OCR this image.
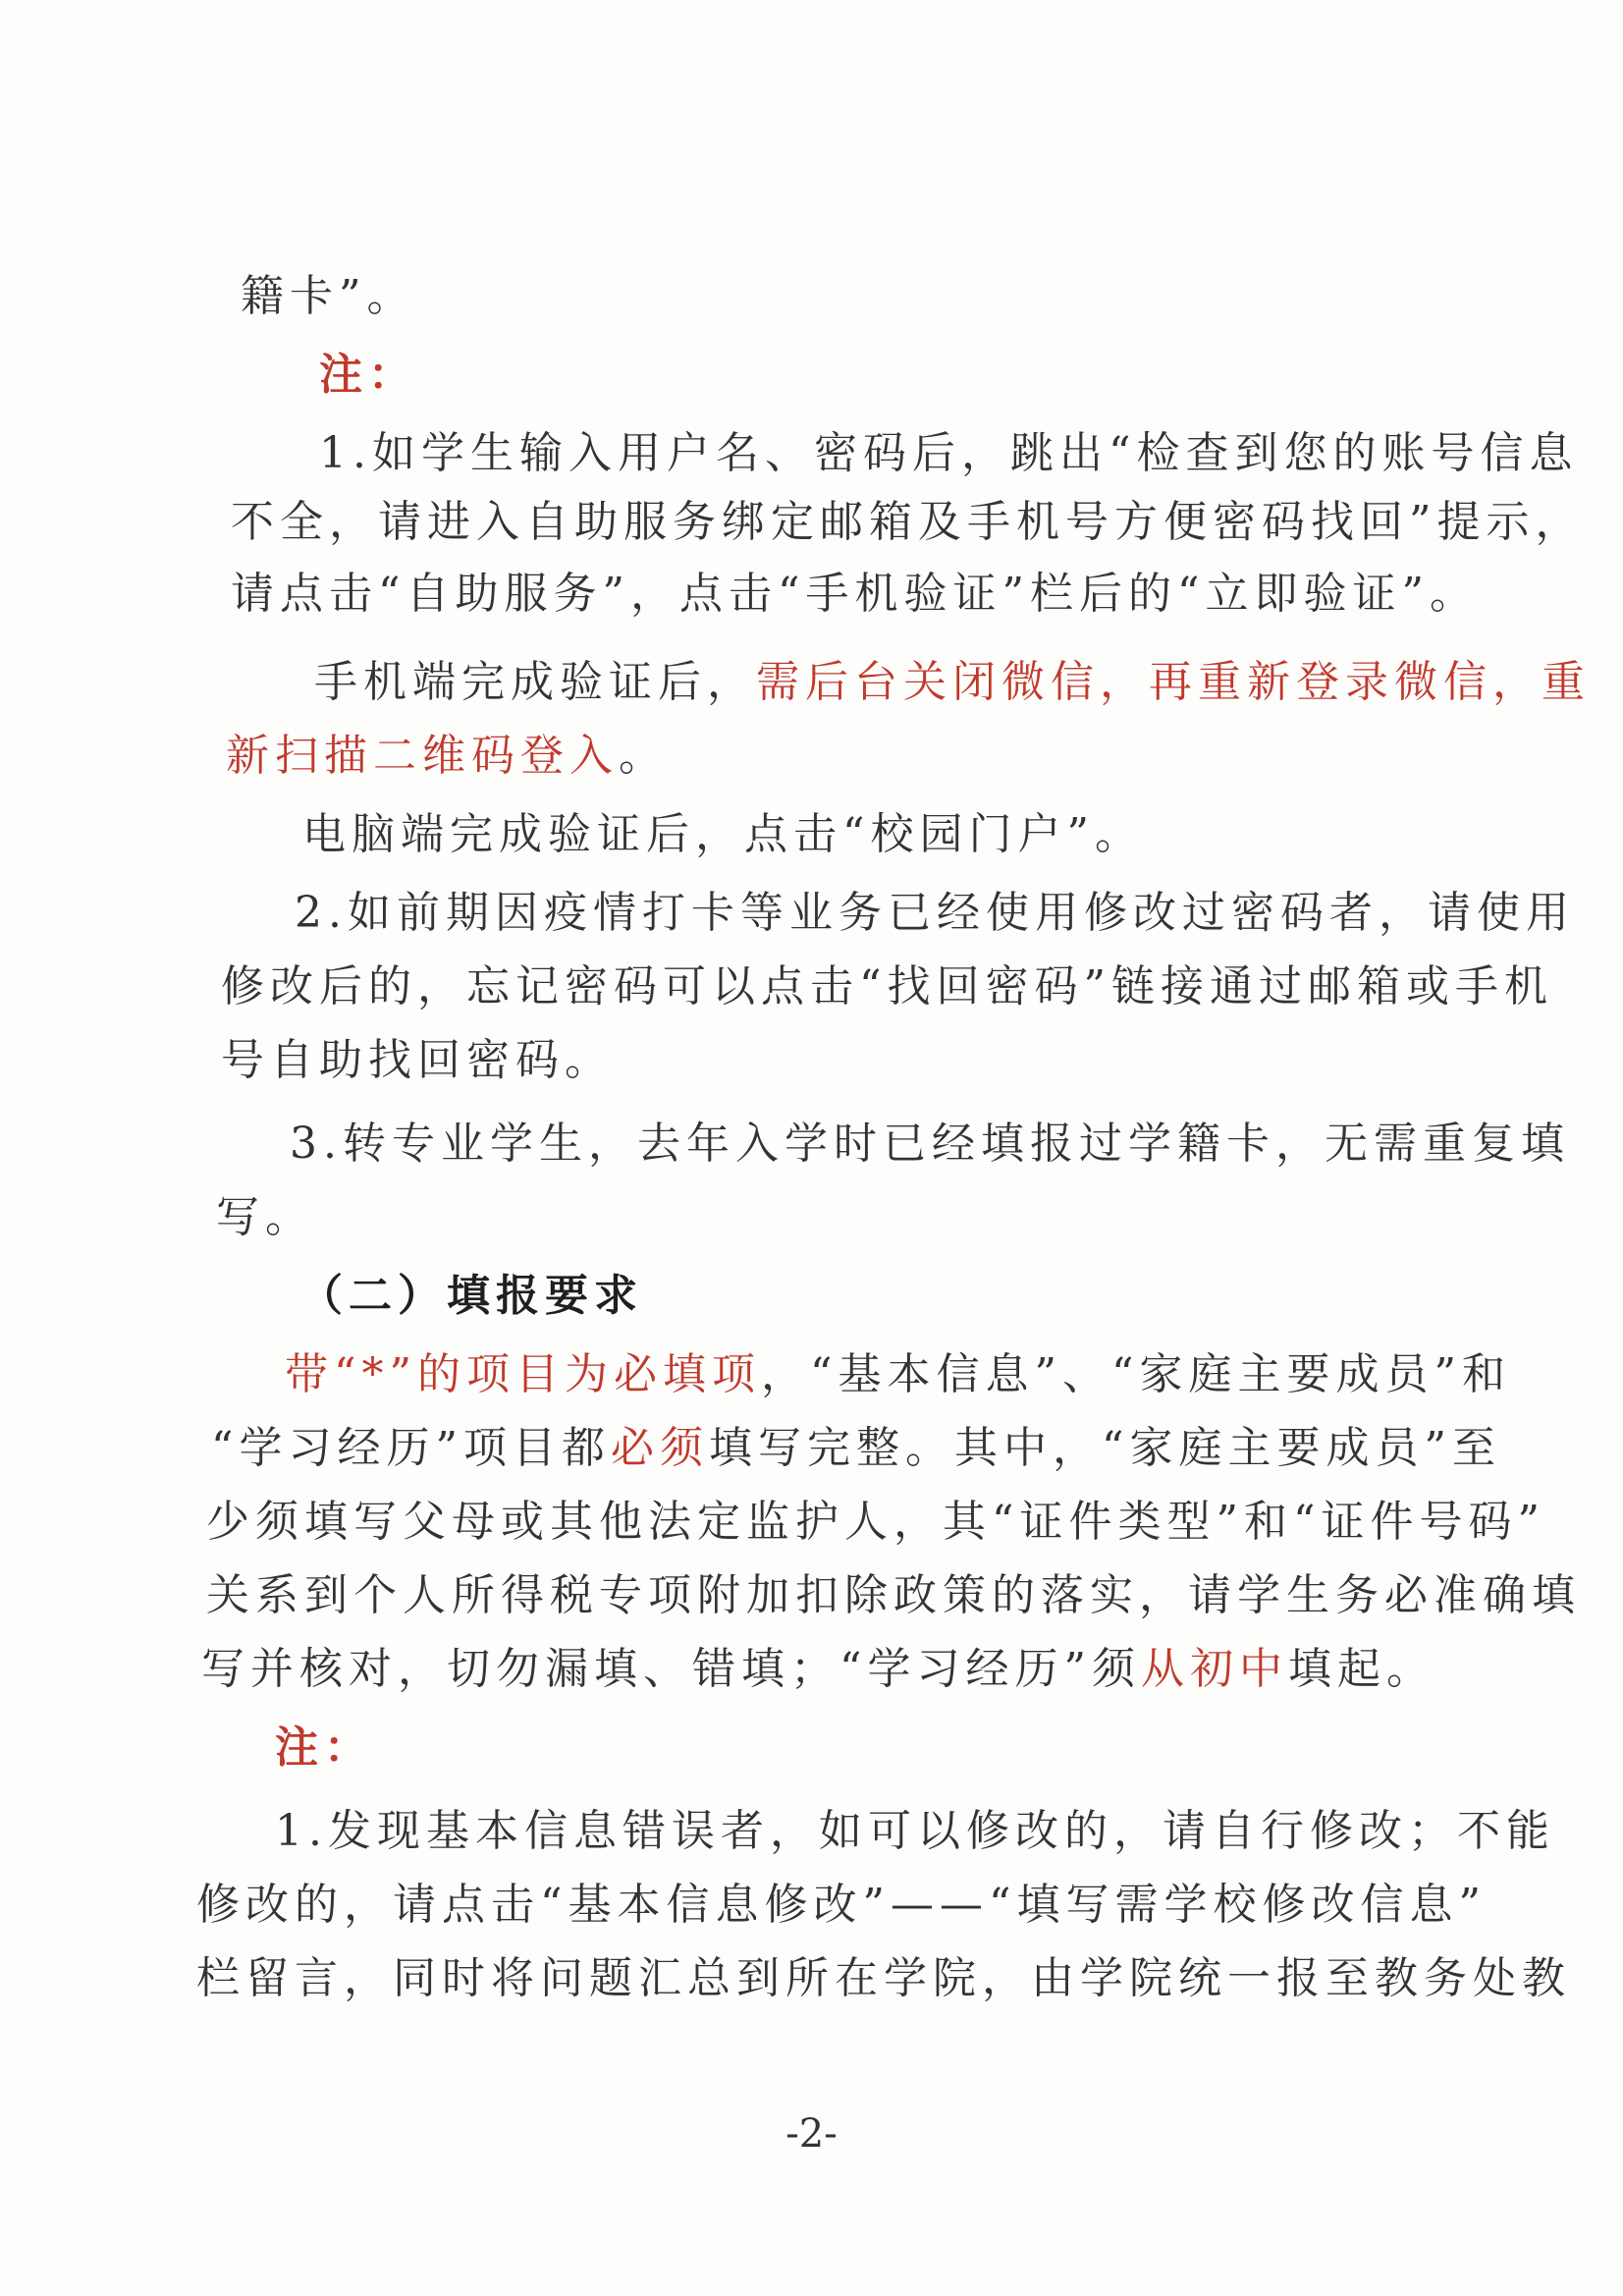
籍卡”。
注：
1.如学生输入用户名、密码后，跳出“检查到您的账号信息
不全，请进入自助服务绑定邮箱及手机号方便密码找回”提示，
请点击“自助服务”，点击“手机验证”栏后的“立即验证”。
手机端完成验证后，需后台关闭微信，再重新登录微信，重
新扫描二维码登入。
电脑端完成验证后，点击“校园门户”。
2.如前期因疫情打卡等业务已经使用修改过密码者，请使用
修改后的，忘记密码可以点击“找回密码”链接通过邮箱或手机
号自助找回密码。
3.转专业学生，去年入学时已经填报过学籍卡，无需重复填
写。
（二）填报要求
带“*”的项目为必填项，“基本信息”、“家庭主要成员”和
“学习经历”项目都必须填写完整。其中，“家庭主要成员”至
少须填写父母或其他法定监护人，其“证件类型”和“证件号码”
关系到个人所得税专项附加扣除政策的落实，请学生务必准确填
写并核对，切勿漏填、错填；“学习经历”须从初中填起。
注：
1.发现基本信息错误者，如可以修改的，请自行修改；不能
修改的，请点击“基本信息修改”——“填写需学校修改信息”
栏留言，同时将问题汇总到所在学院，由学院统一报至教务处教
-2-
